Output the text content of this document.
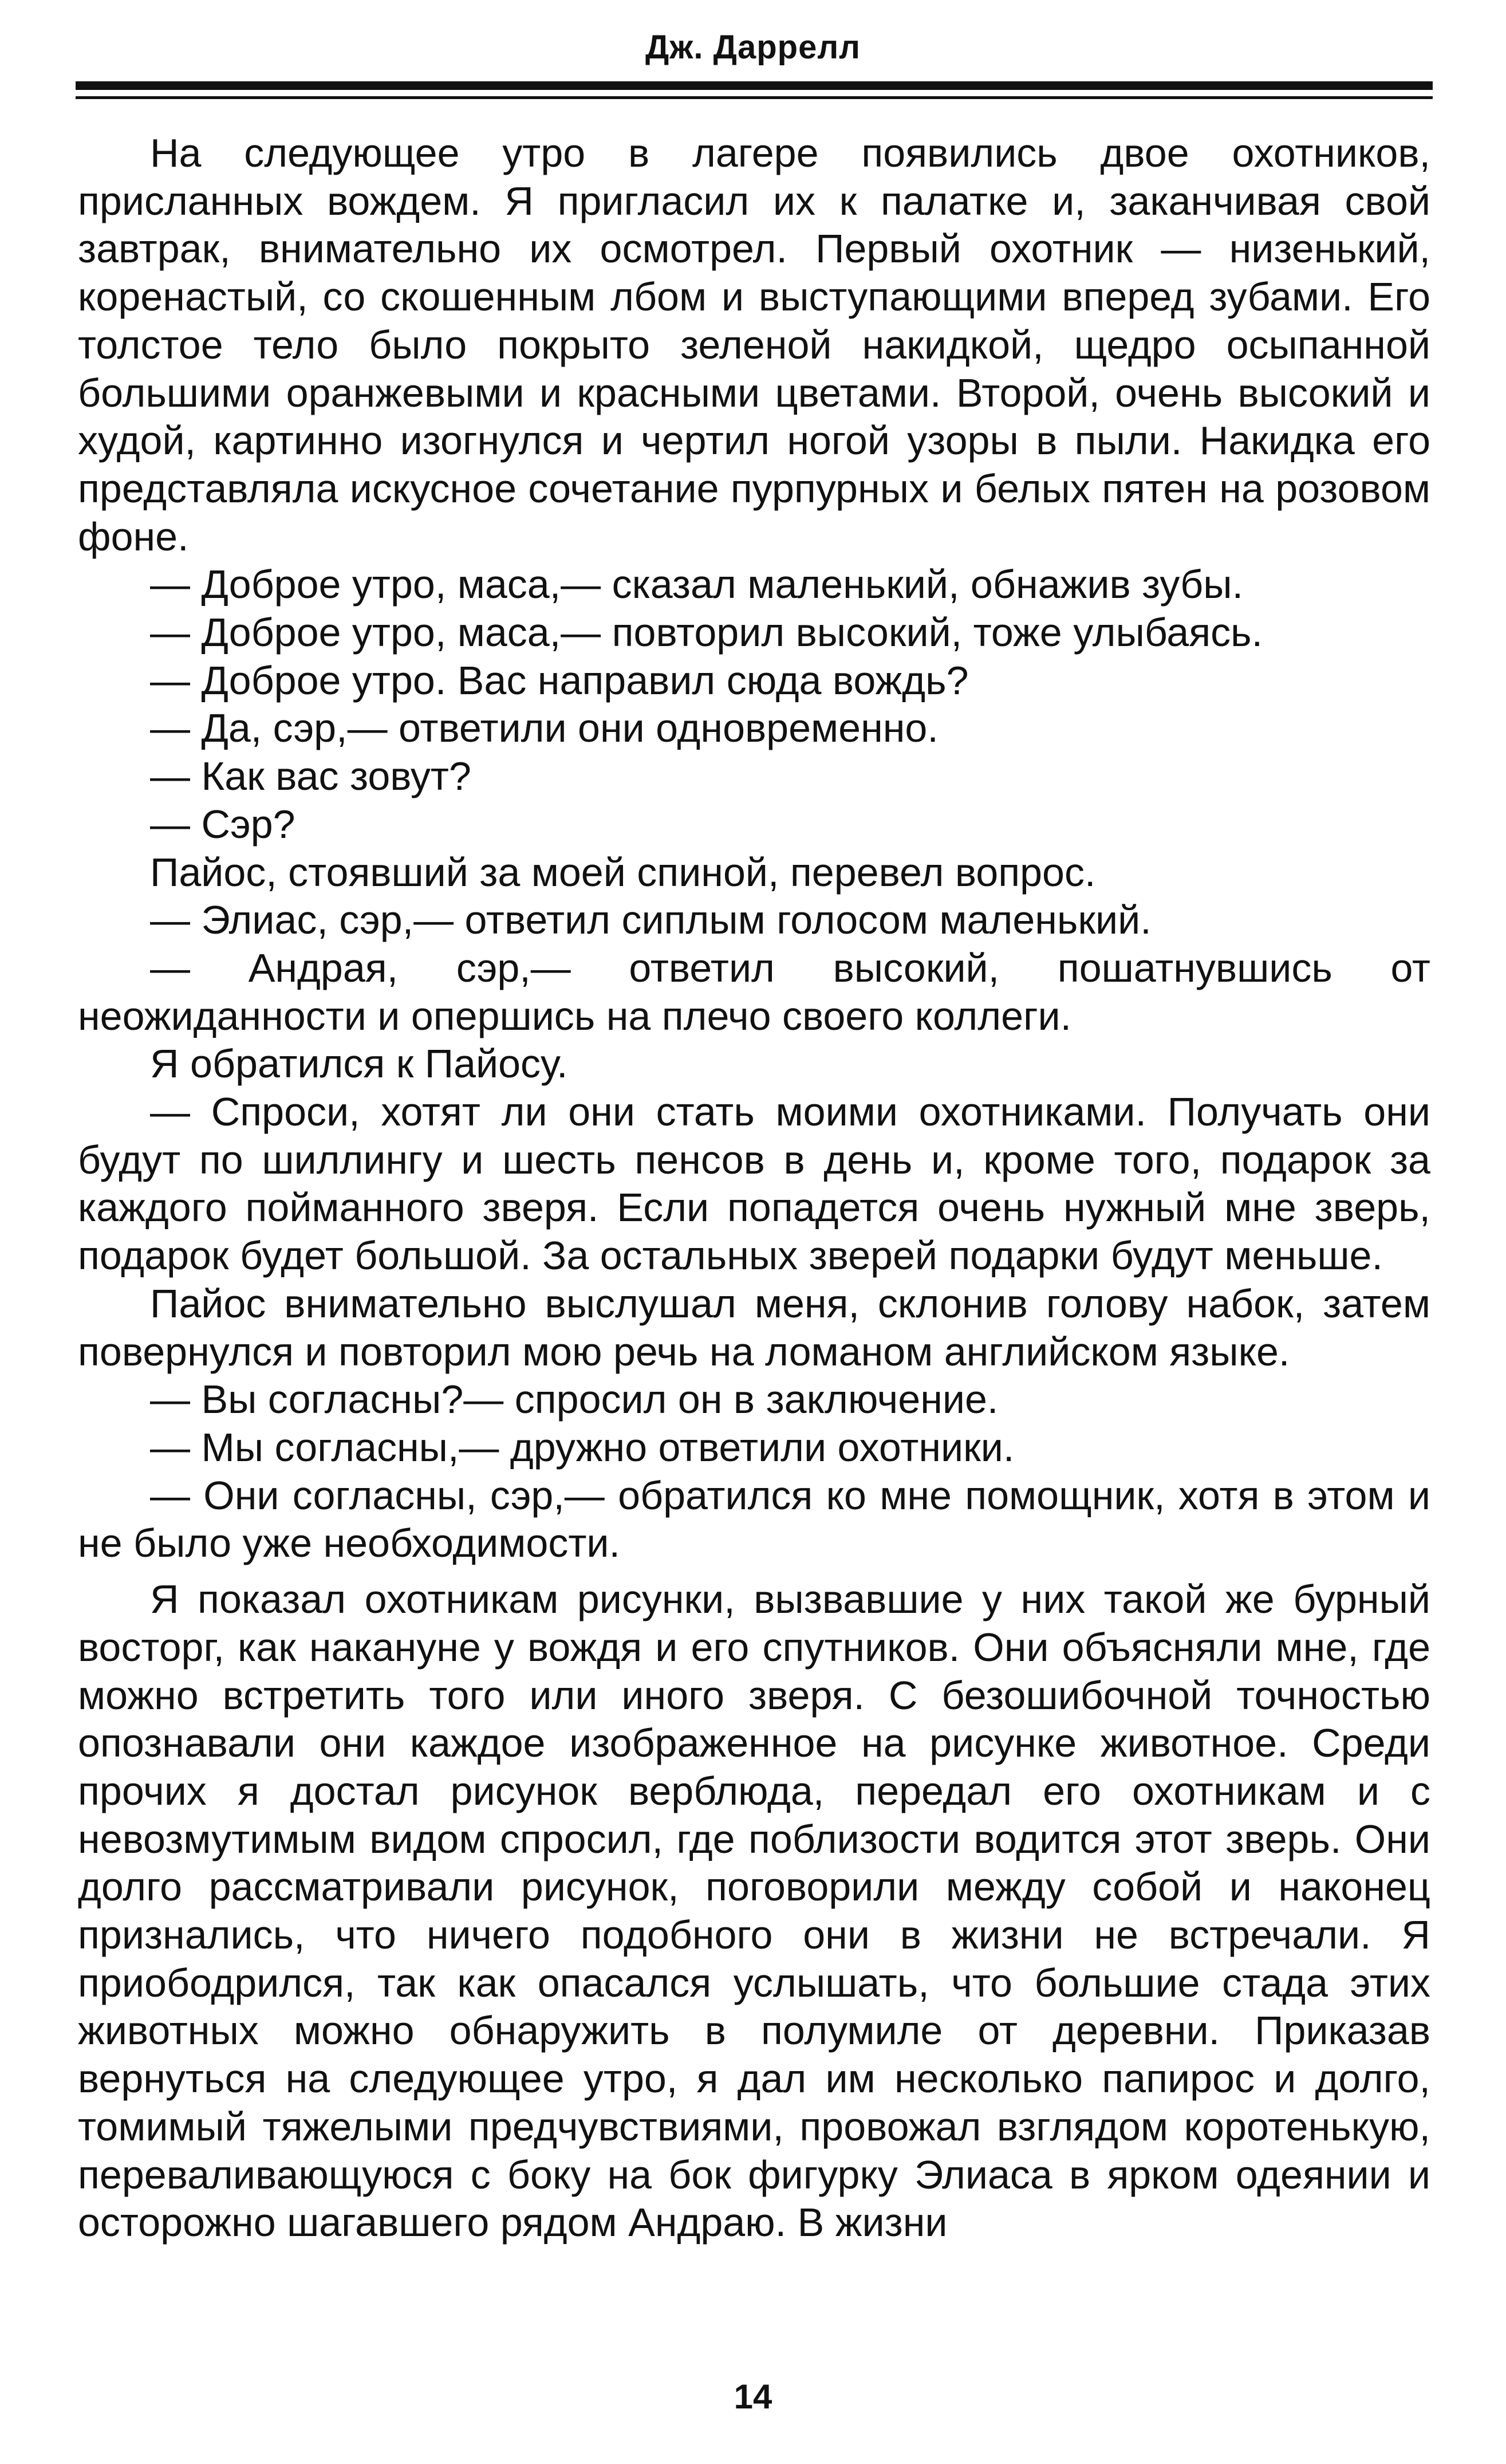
Дж. Даррелл

На следующее утро в лагере появились двое охотников, присланных вождем. Я пригласил их к палатке и, заканчивая свой завтрак, внимательно их осмотрел. Первый охотник — низенький, коренастый, со скошенным лбом и выступающими вперед зубами. Его толстое тело было покрыто зеленой накидкой, щедро осыпанной большими оранжевыми и красными цветами. Второй, очень высокий и худой, картинно изогнулся и чертил ногой узоры в пыли. Накидка его представляла искусное сочетание пурпурных и белых пятен на розовом фоне.

— Доброе утро, маса,— сказал маленький, обнажив зубы.

— Доброе утро, маса,— повторил высокий, тоже улыбаясь.

— Доброе утро. Вас направил сюда вождь?

— Да, сэр,— ответили они одновременно.

— Как вас зовут?

— Сэр?

Пайос, стоявший за моей спиной, перевел вопрос.

— Элиас, сэр,— ответил сиплым голосом маленький.

— Андрая, сэр,— ответил высокий, пошатнувшись от неожиданности и опершись на плечо своего коллеги.

Я обратился к Пайосу.

— Спроси, хотят ли они стать моими охотниками. Получать они будут по шиллингу и шесть пенсов в день и, кроме того, подарок за каждого пойманного зверя. Если попадется очень нужный мне зверь, подарок будет большой. За остальных зверей подарки будут меньше.

Пайос внимательно выслушал меня, склонив голову набок, затем повернулся и повторил мою речь на ломаном английском языке.

— Вы согласны?— спросил он в заключение.

— Мы согласны,— дружно ответили охотники.

— Они согласны, сэр,— обратился ко мне помощник, хотя в этом и не было уже необходимости.

Я показал охотникам рисунки, вызвавшие у них такой же бурный восторг, как накануне у вождя и его спутников. Они объясняли мне, где можно встретить того или иного зверя. С безошибочной точностью опознавали они каждое изображенное на рисунке животное. Среди прочих я достал рисунок верблюда, передал его охотникам и с невозмутимым видом спросил, где поблизости водится этот зверь. Они долго рассматривали рисунок, поговорили между собой и наконец признались, что ничего подобного они в жизни не встречали. Я приободрился, так как опасался услышать, что большие стада этих животных можно обнаружить в полумиле от деревни. Приказав вернуться на следующее утро, я дал им несколько папирос и долго, томимый тяжелыми предчувствиями, провожал взглядом коротенькую, переваливающуюся с боку на бок фигурку Элиаса в ярком одеянии и осторожно шагавшего рядом Андраю. В жизни

14
